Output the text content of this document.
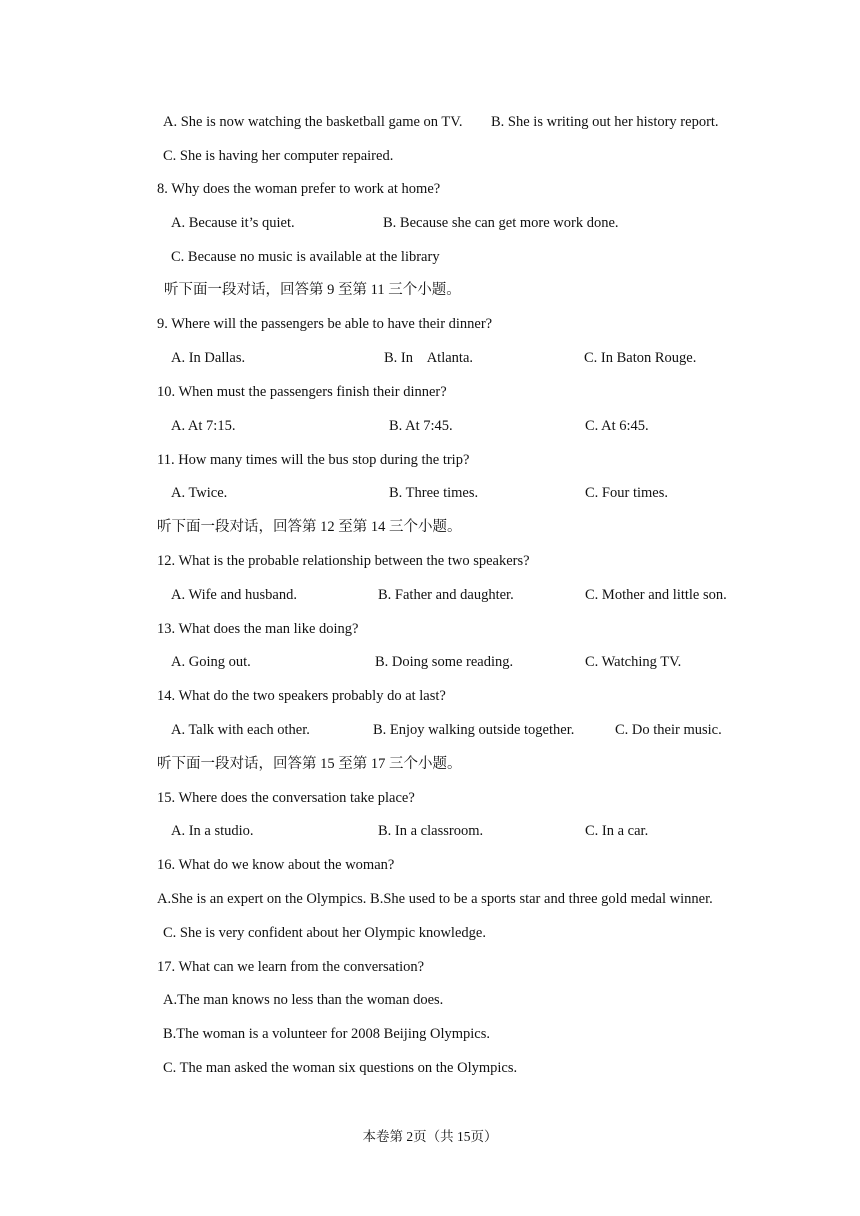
A. She is now watching the basketball game on TV. B. She is writing out her history report.
C. She is having her computer repaired.
8. Why does the woman prefer to work at home?
A. Because it’s quiet.	B. Because she can get more work done.
C. Because no music is available at the library
听下面一段对话，回答第 9 至第 11 三个小题。
9. Where will the passengers be able to have their dinner?
A. In Dallas.	B. In    Atlanta.	C. In Baton Rouge.
10. When must the passengers finish their dinner?
A. At 7:15.	B. At 7:45.	C. At 6:45.
11. How many times will the bus stop during the trip?
A. Twice.	B. Three times.	C. Four times.
听下面一段对话，回答第 12 至第 14 三个小题。
12. What is the probable relationship between the two speakers?
A. Wife and husband.	B. Father and daughter.	C. Mother and little son.
13. What does the man like doing?
A. Going out.	B. Doing some reading.	C. Watching TV.
14. What do the two speakers probably do at last?
A. Talk with each other.	B. Enjoy walking outside together.	C. Do their music.
听下面一段对话，回答第 15 至第 17 三个小题。
15. Where does the conversation take place?
A. In a studio.	B. In a classroom.	C. In a car.
16. What do we know about the woman?
A.She is an expert on the Olympics. B.She used to be a sports star and three gold medal winner.
C. She is very confident about her Olympic knowledge.
17. What can we learn from the conversation?
A.The man knows no less than the woman does.
B.The woman is a volunteer for 2008 Beijing Olympics.
C. The man asked the woman six questions on the Olympics.
本卷第 2页（共 15页）
